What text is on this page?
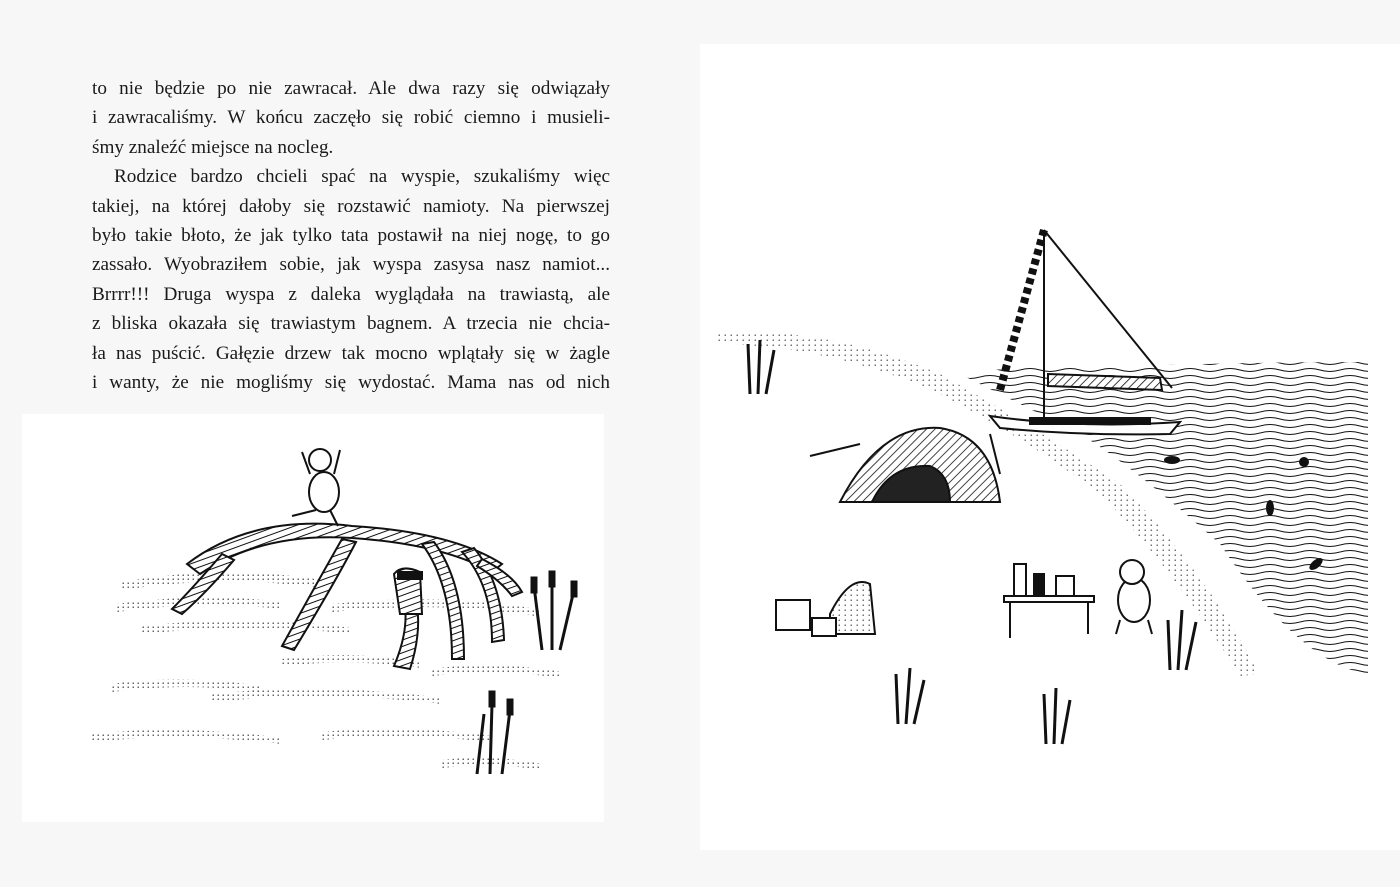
to nie będzie po nie zawracał. Ale dwa razy się odwiązały
i zawracaliśmy. W końcu zaczęło się robić ciemno i musieli-
śmy znaleźć miejsce na nocleg.
Rodzice bardzo chcieli spać na wyspie, szukaliśmy więc
takiej, na której dałoby się rozstawić namioty. Na pierwszej
było takie błoto, że jak tylko tata postawił na niej nogę, to go
zassało. Wyobraziłem sobie, jak wyspa zasysa nasz namiot...
Brrrr!!! Druga wyspa z daleka wyglądała na trawiastą, ale
z bliska okazała się trawiastym bagnem. A trzecia nie chcia-
ła nas puścić. Gałęzie drzew tak mocno wplątały się w żagle
i wanty, że nie mogliśmy się wydostać. Mama nas od nich
